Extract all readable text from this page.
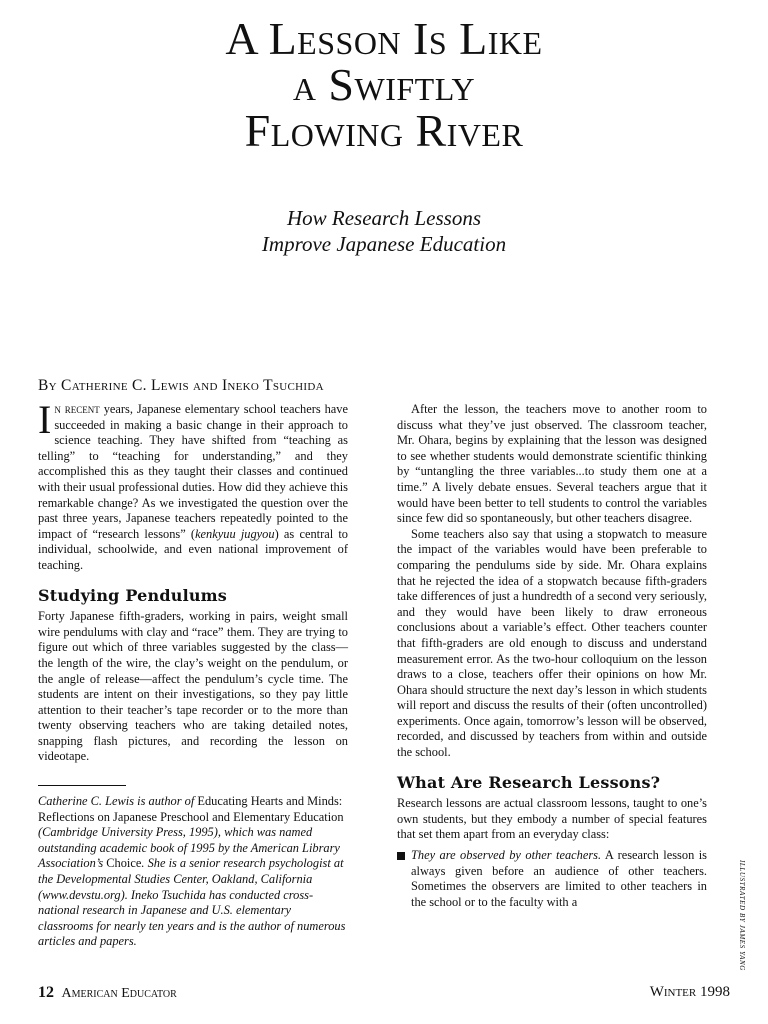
A Lesson Is Like
a Swiftly
Flowing River
How Research Lessons
Improve Japanese Education
By Catherine C. Lewis and Ineko Tsuchida

In recent years, Japanese elementary school teachers have succeeded in making a basic change in their approach to science teaching. They have shifted from “teaching as telling” to “teaching for understanding,” and they accomplished this as they taught their classes and continued with their usual professional duties. How did they achieve this remarkable change? As we investigated the question over the past three years, Japanese teachers repeatedly pointed to the impact of “research lessons” (kenkyuu jugyou) as central to individual, schoolwide, and even national improvement of teaching.

Studying Pendulums

Forty Japanese fifth-graders, working in pairs, weight small wire pendulums with clay and “race” them. They are trying to figure out which of three variables suggested by the class—the length of the wire, the clay’s weight on the pendulum, or the angle of release—affect the pendulum’s cycle time. The students are intent on their investigations, so they pay little attention to their teacher’s tape recorder or to the more than twenty observing teachers who are taking detailed notes, snapping flash pictures, and recording the lesson on videotape.

Catherine C. Lewis is author of Educating Hearts and Minds: Reflections on Japanese Preschool and Elementary Education (Cambridge University Press, 1995), which was named outstanding academic book of 1995 by the American Library Association’s Choice. She is a senior research psychologist at the Developmental Studies Center, Oakland, California (www.devstu.org). Ineko Tsuchida has conducted cross-national research in Japanese and U.S. elementary classrooms for nearly ten years and is the author of numerous articles and papers.

After the lesson, the teachers move to another room to discuss what they’ve just observed. The classroom teacher, Mr. Ohara, begins by explaining that the lesson was designed to see whether students would demonstrate scientific thinking by “untangling the three variables...to study them one at a time.” A lively debate ensues. Several teachers argue that it would have been better to tell students to control the variables since few did so spontaneously, but other teachers disagree.

Some teachers also say that using a stopwatch to measure the impact of the variables would have been preferable to comparing the pendulums side by side. Mr. Ohara explains that he rejected the idea of a stopwatch because fifth-graders take differences of just a hundredth of a second very seriously, and they would have been likely to draw erroneous conclusions about a variable’s effect. Other teachers counter that fifth-graders are old enough to discuss and understand measurement error. As the two-hour colloquium on the lesson draws to a close, teachers offer their opinions on how Mr. Ohara should structure the next day’s lesson in which students will report and discuss the results of their (often uncontrolled) experiments. Once again, tomorrow’s lesson will be observed, recorded, and discussed by teachers from within and outside the school.

What Are Research Lessons?

Research lessons are actual classroom lessons, taught to one’s own students, but they embody a number of special features that set them apart from an everyday class:

They are observed by other teachers. A research lesson is always given before an audience of other teachers. Sometimes the observers are limited to other teachers in the school or to the faculty with a	ILLUSTRATED BY JAMES YANG
12 American Educator	Winter 1998
